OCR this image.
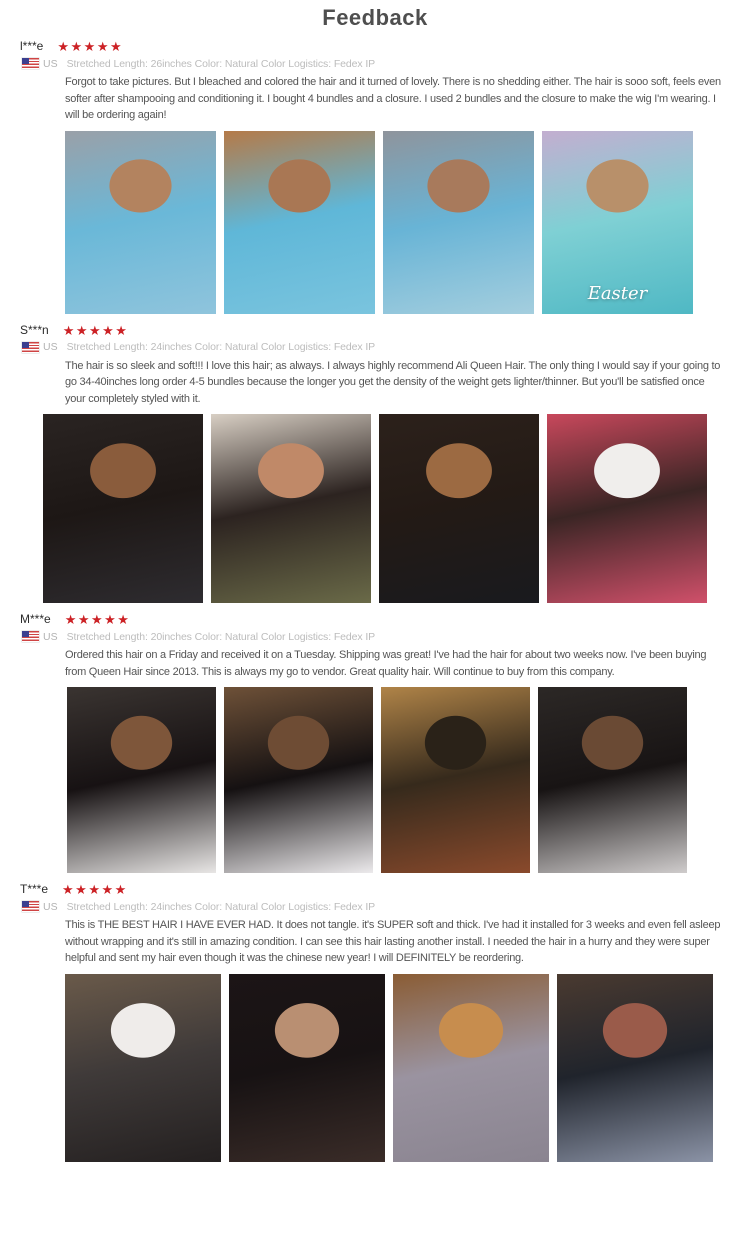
Feedback
l***e ★★★★★
US Stretched Length: 26inches Color: Natural Color Logistics: Fedex IP

Forgot to take pictures. But I bleached and colored the hair and it turned of lovely. There is no shedding either. The hair is sooo soft, feels even softer after shampooing and conditioning it. I bought 4 bundles and a closure. I used 2 bundles and the closure to make the wig I'm wearing. I will be ordering again!

Easter
S***n ★★★★★
US Stretched Length: 24inches Color: Natural Color Logistics: Fedex IP

The hair is so sleek and soft!!! I love this hair; as always. I always highly recommend Ali Queen Hair. The only thing I would say if your going to go 34-40inches long order 4-5 bundles because the longer you get the density of the weight gets lighter/thinner. But you'll be satisfied once your completely styled with it.

M***e ★★★★★
US Stretched Length: 20inches Color: Natural Color Logistics: Fedex IP

Ordered this hair on a Friday and received it on a Tuesday. Shipping was great! I've had the hair for about two weeks now. I've been buying from Queen Hair since 2013. This is always my go to vendor. Great quality hair. Will continue to buy from this company.

T***e ★★★★★
US Stretched Length: 24inches Color: Natural Color Logistics: Fedex IP

This is THE BEST HAIR I HAVE EVER HAD. It does not tangle. it's SUPER soft and thick. I've had it installed for 3 weeks and even fell asleep without wrapping and it's still in amazing condition. I can see this hair lasting another install. I needed the hair in a hurry and they were super helpful and sent my hair even though it was the chinese new year! I will DEFINITELY be reordering.
